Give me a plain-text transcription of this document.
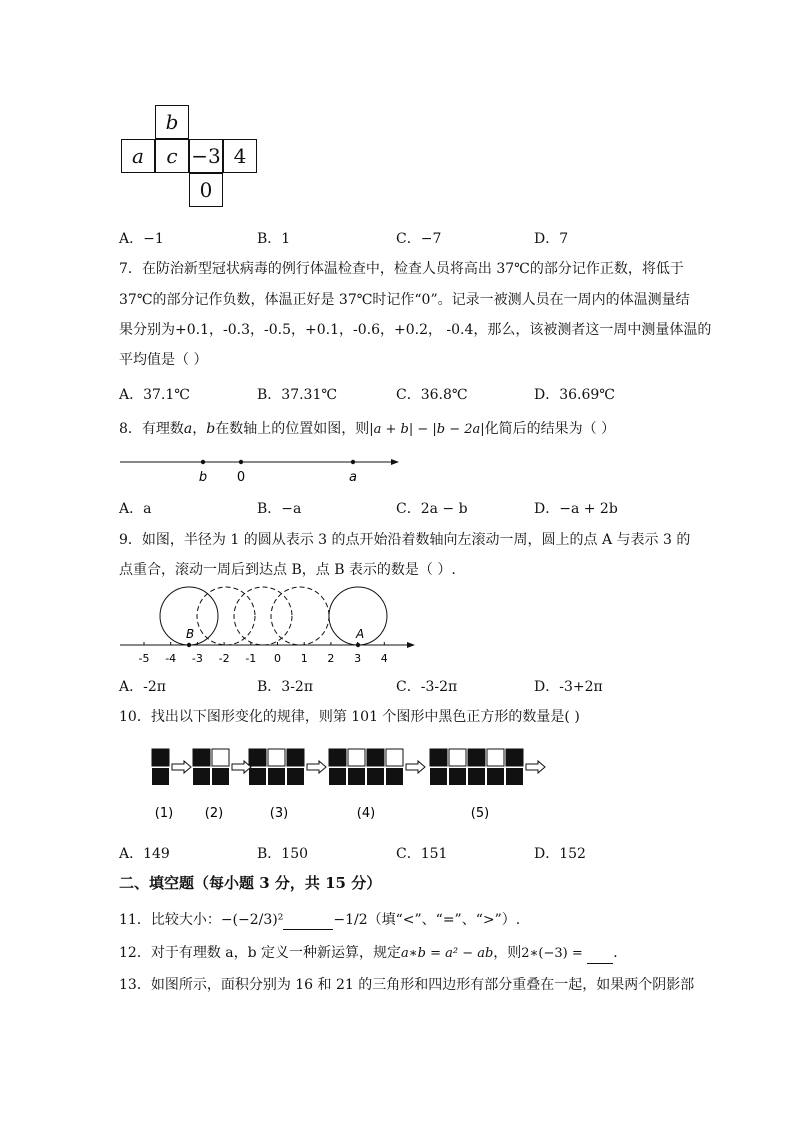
b
a	c −3 4
0
A．−1	B．1	C．−7	D．7
7．在防治新型冠状病毒的例行体温检查中，检查人员将高出 37℃的部分记作正数，将低于
37℃的部分记作负数，体温正好是 37℃时记作“0”。记录一被测人员在一周内的体温测量结
果分别为+0.1，-0.3，-0.5，+0.1，-0.6，+0.2， -0.4，那么，该被测者这一周中测量体温的
平均值是（ ）
A．37.1℃	B．37.31℃	C．36.8℃	D．36.69℃
8．有理数a，b在数轴上的位置如图，则|a + b| − |b − 2a|化简后的结果为（ ）
b 0	a
A．a	B．−a	C．2a − b	D．−a + 2b
9．如图，半径为 1 的圆从表示 3 的点开始沿着数轴向左滚动一周，圆上的点 A 与表示 3 的
点重合，滚动一周后到达点 B，点 B 表示的数是（ ）.
-5 -4 -3 -2 -1 0 1 2 3 4
B	A
A．-2π	B．3-2π	C．-3-2π	D．-3+2π
10．找出以下图形变化的规律，则第 101 个图形中黑色正方形的数量是( )
(1) (2)	(3)	(4)	(5)
A．149	B．150	C．151	D．152
二、填空题（每小题 3 分，共 15 分）
11．比较大小：−(−2/3)²	−1/2（填“<”、“=”、“>”）.
12．对于有理数 a，b 定义一种新运算，规定a∗b = a² − ab，则2∗(−3) = ．
13．如图所示，面积分别为 16 和 21 的三角形和四边形有部分重叠在一起，如果两个阴影部
